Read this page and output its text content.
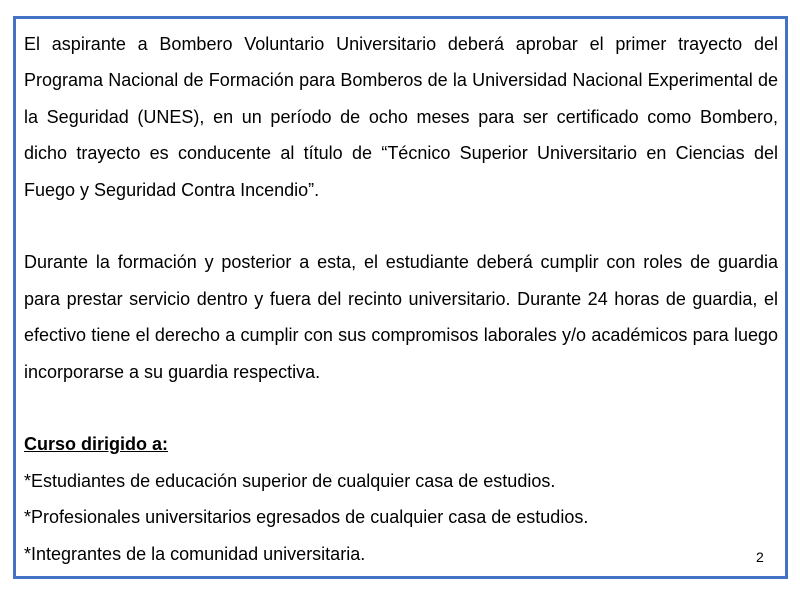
El aspirante a Bombero Voluntario Universitario deberá aprobar el primer trayecto del Programa Nacional de Formación para Bomberos de la Universidad Nacional Experimental de la Seguridad (UNES), en un período de ocho meses para ser certificado como Bombero, dicho trayecto es conducente al título de “Técnico Superior Universitario en Ciencias del Fuego y Seguridad Contra Incendio”.

Durante la formación y posterior a esta, el estudiante deberá cumplir con roles de guardia para prestar servicio dentro y fuera del recinto universitario. Durante 24 horas de guardia, el efectivo tiene el derecho a cumplir con sus compromisos laborales y/o académicos para luego incorporarse a su guardia respectiva.

Curso dirigido a:

*Estudiantes de educación superior de cualquier casa de estudios.

*Profesionales universitarios egresados de cualquier casa de estudios.

*Integrantes de la comunidad universitaria.	2
